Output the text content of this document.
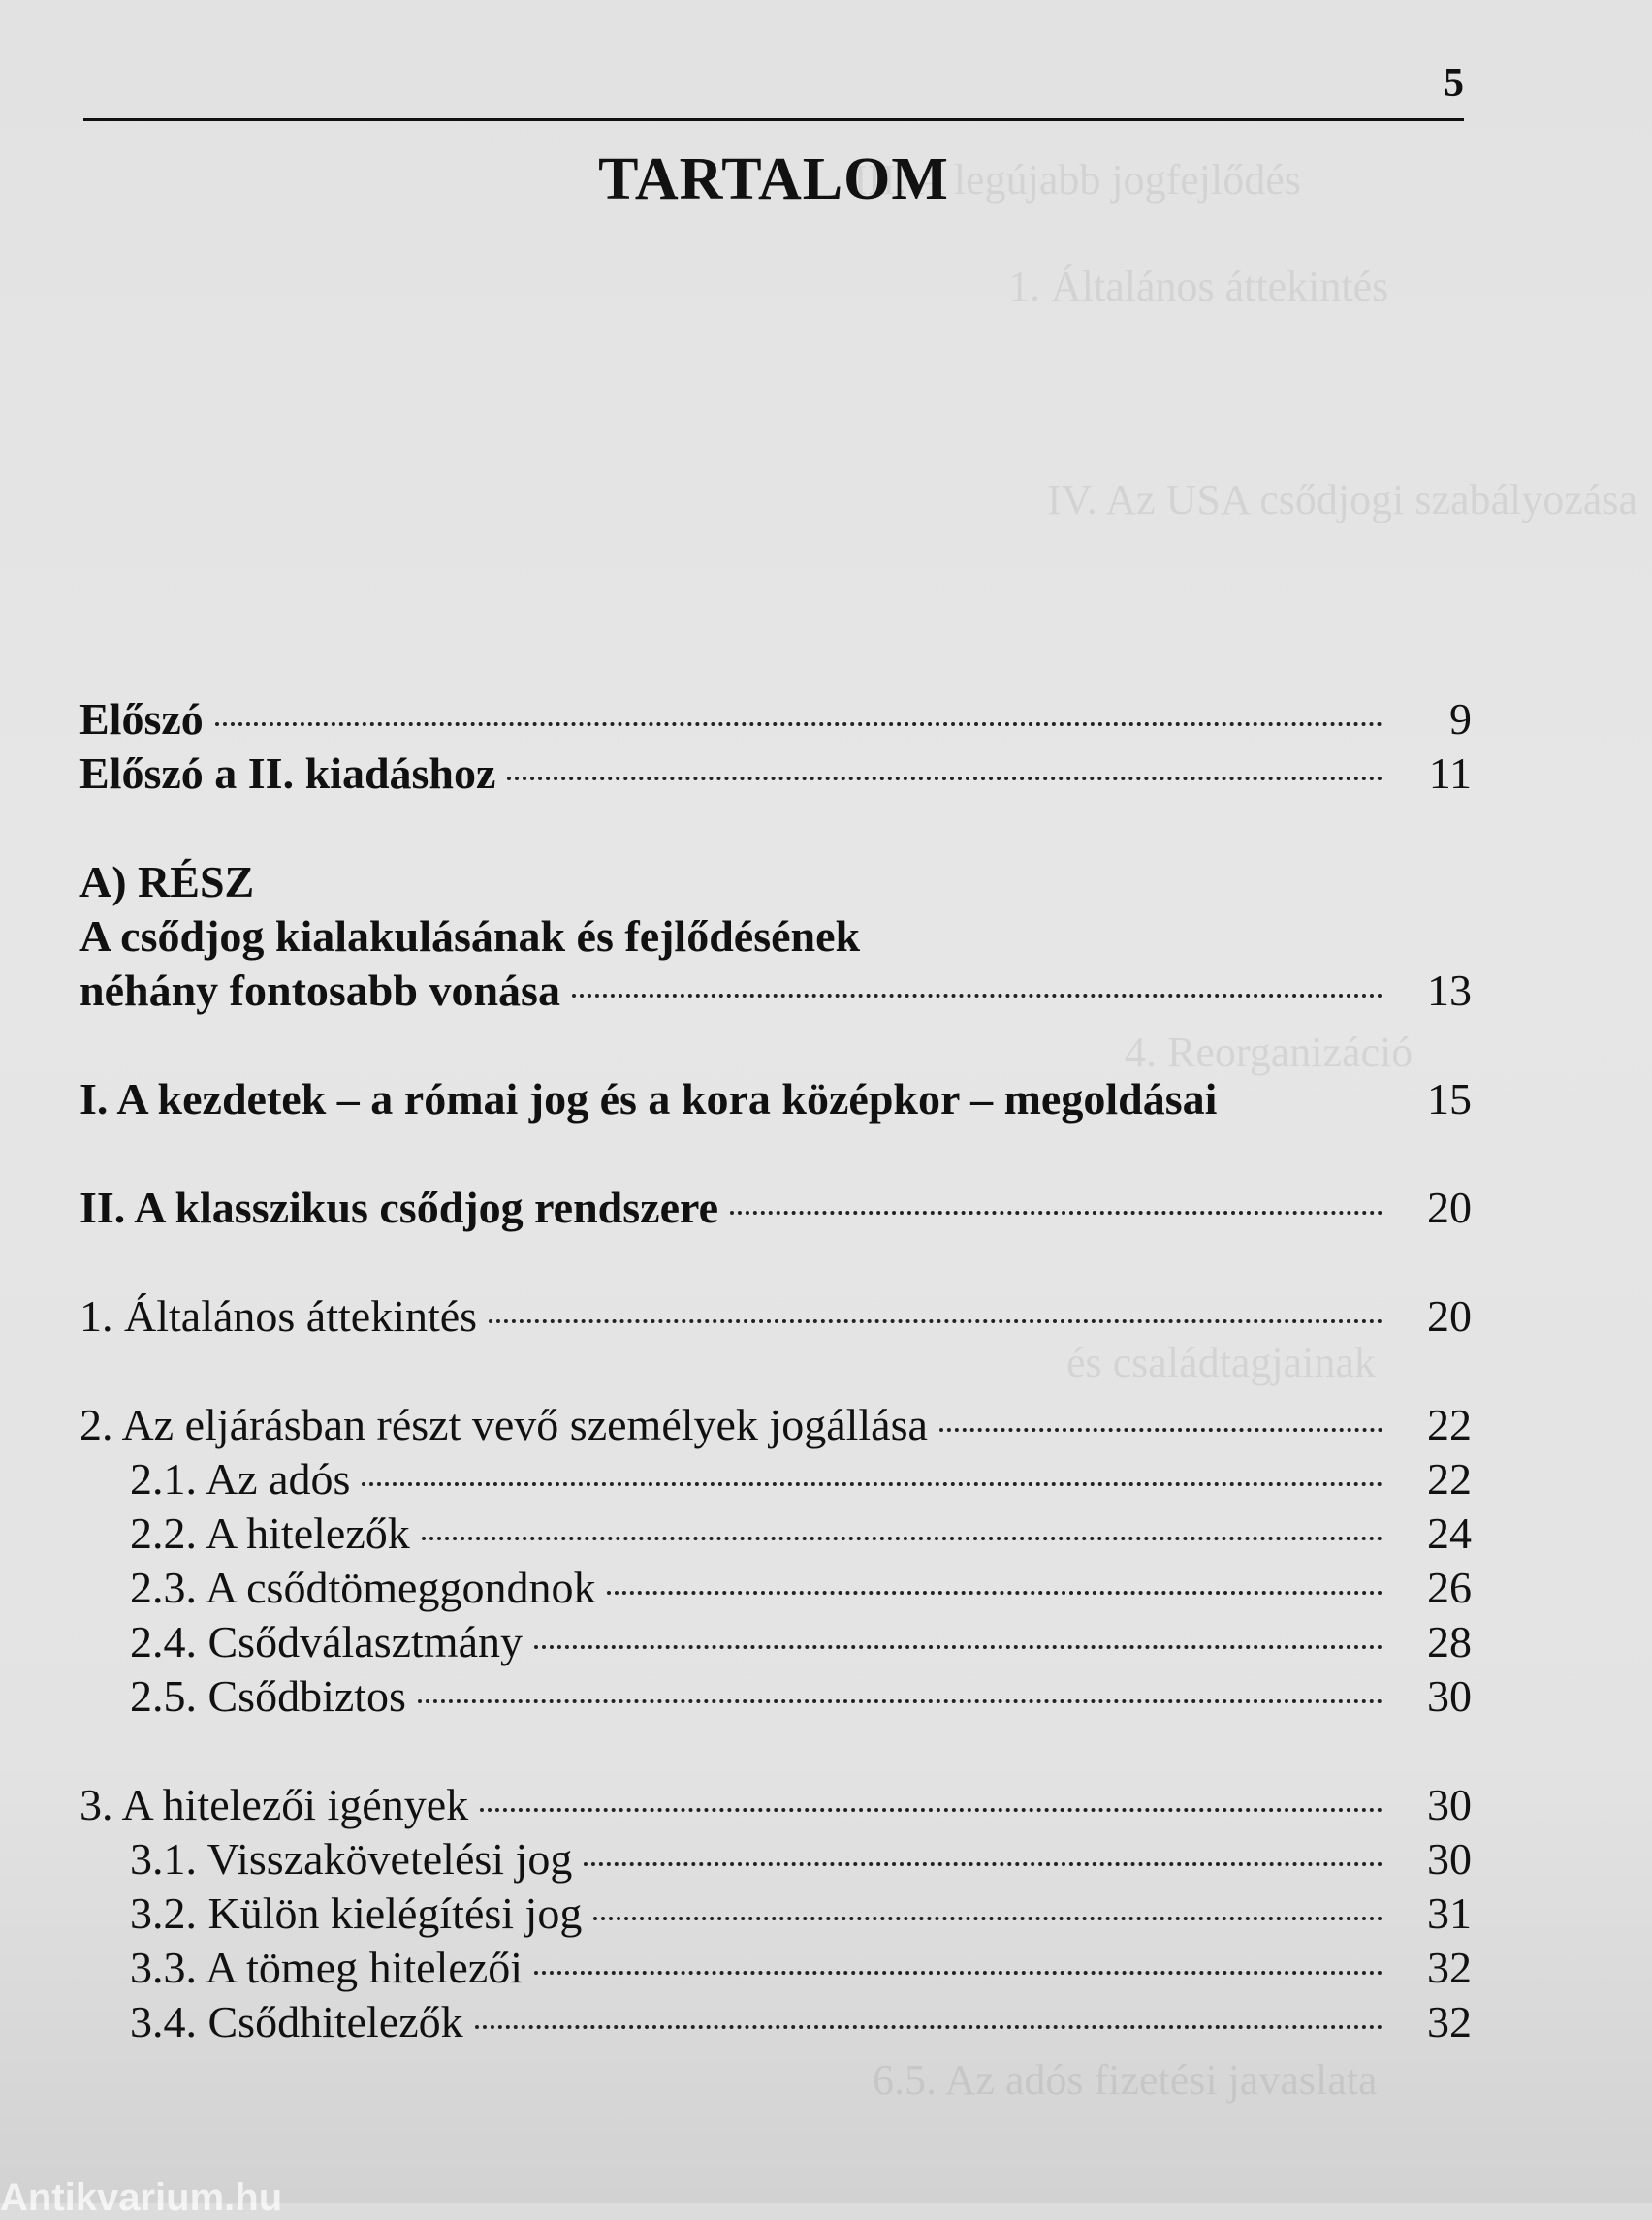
III. A legújabb jogfejlődés
1. Általános áttekintés
IV. Az USA csődjogi szabályozása
4. Reorganizáció
és családtagjainak
6.5. Az adós fizetési javaslata
5
TARTALOM
Előszó	9
Előszó a II. kiadáshoz	11
A) RÉSZ
A csődjog kialakulásának és fejlődésének
néhány fontosabb vonása	13
I. A kezdetek – a római jog és a kora középkor – megoldásai	15
II. A klasszikus csődjog rendszere	20
1. Általános áttekintés	20
2. Az eljárásban részt vevő személyek jogállása	22
2.1. Az adós	22
2.2. A hitelezők	24
2.3. A csődtömeggondnok	26
2.4. Csődválasztmány	28
2.5. Csődbiztos	30
3. A hitelezői igények	30
3.1. Visszakövetelési jog	30
3.2. Külön kielégítési jog	31
3.3. A tömeg hitelezői	32
3.4. Csődhitelezők	32
Antikvarium.hu
